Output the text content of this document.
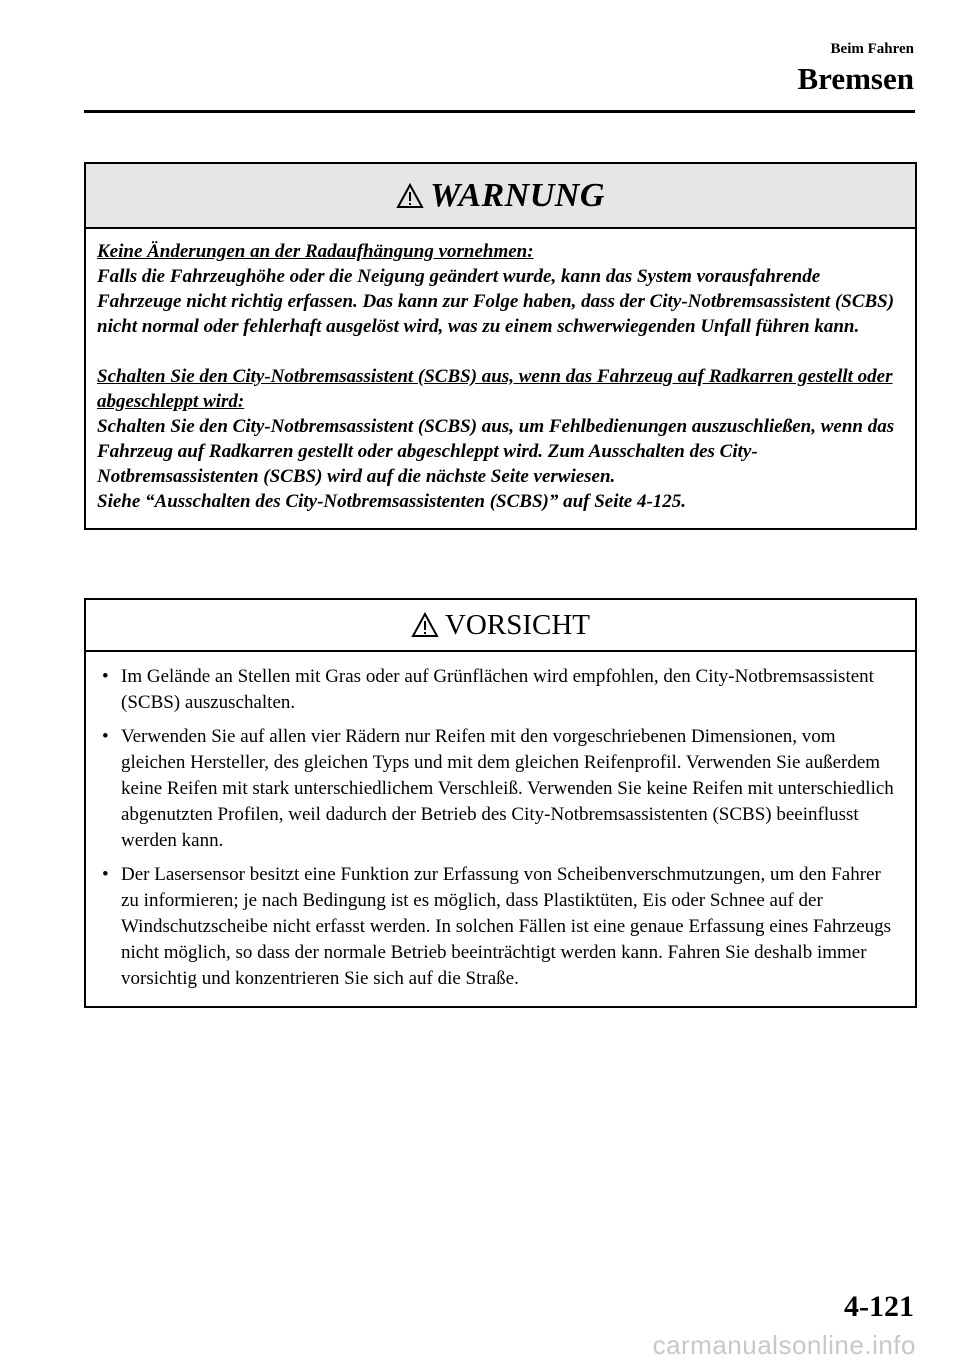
Beim Fahren
Bremsen
WARNUNG

Keine Änderungen an der Radaufhängung vornehmen:

Falls die Fahrzeughöhe oder die Neigung geändert wurde, kann das System vorausfahrende Fahrzeuge nicht richtig erfassen. Das kann zur Folge haben, dass der City-Notbremsassistent (SCBS) nicht normal oder fehlerhaft ausgelöst wird, was zu einem schwerwiegenden Unfall führen kann.

Schalten Sie den City-Notbremsassistent (SCBS) aus, wenn das Fahrzeug auf Radkarren gestellt oder abgeschleppt wird:

Schalten Sie den City-Notbremsassistent (SCBS) aus, um Fehlbedienungen auszuschließen, wenn das Fahrzeug auf Radkarren gestellt oder abgeschleppt wird. Zum Ausschalten des City-Notbremsassistenten (SCBS) wird auf die nächste Seite verwiesen.

Siehe “Ausschalten des City-Notbremsassistenten (SCBS)” auf Seite 4-125.

VORSICHT
• Im Gelände an Stellen mit Gras oder auf Grünflächen wird empfohlen, den City-Notbremsassistent (SCBS) auszuschalten.
• Verwenden Sie auf allen vier Rädern nur Reifen mit den vorgeschriebenen Dimensionen, vom gleichen Hersteller, des gleichen Typs und mit dem gleichen Reifenprofil. Verwenden Sie außerdem keine Reifen mit stark unterschiedlichem Verschleiß. Verwenden Sie keine Reifen mit unterschiedlich abgenutzten Profilen, weil dadurch der Betrieb des City-Notbremsassistenten (SCBS) beeinflusst werden kann.
• Der Lasersensor besitzt eine Funktion zur Erfassung von Scheibenverschmutzungen, um den Fahrer zu informieren; je nach Bedingung ist es möglich, dass Plastiktüten, Eis oder Schnee auf der Windschutzscheibe nicht erfasst werden. In solchen Fällen ist eine genaue Erfassung eines Fahrzeugs nicht möglich, so dass der normale Betrieb beeinträchtigt werden kann. Fahren Sie deshalb immer vorsichtig und konzentrieren Sie sich auf die Straße.
4-121
carmanualsonline.info
